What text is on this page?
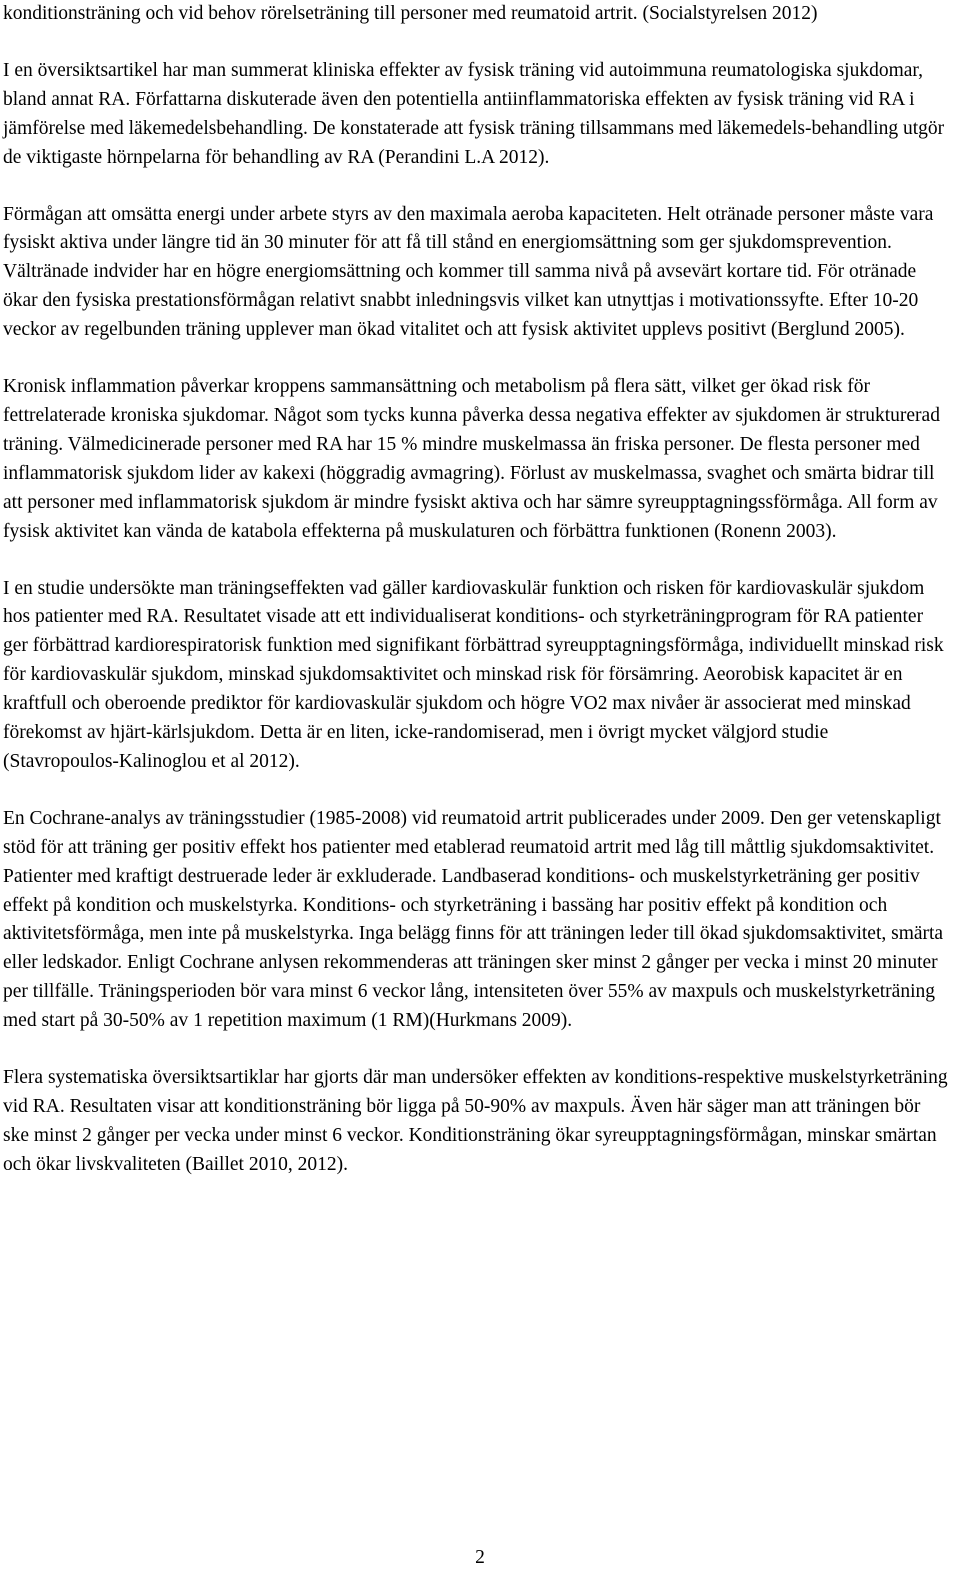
konditionsträning och vid behov rörelseträning till personer med reumatoid artrit. (Socialstyrelsen 2012)

I en översiktsartikel har man summerat kliniska effekter av fysisk träning vid autoimmuna reumatologiska sjukdomar, bland annat RA. Författarna diskuterade även den potentiella antiinflammatoriska effekten av fysisk träning vid RA i jämförelse med läkemedelsbehandling. De konstaterade att fysisk träning tillsammans med läkemedels-behandling utgör de viktigaste hörnpelarna för behandling av RA (Perandini L.A 2012).

Förmågan att omsätta energi under arbete styrs av den maximala aeroba kapaciteten. Helt otränade personer måste vara fysiskt aktiva under längre tid än 30 minuter för att få till stånd en energiomsättning som ger sjukdomsprevention. Vältränade indvider har en högre energiomsättning och kommer till samma nivå på avsevärt kortare tid. För otränade ökar den fysiska prestationsförmågan relativt snabbt inledningsvis vilket kan utnyttjas i motivationssyfte. Efter 10-20 veckor av regelbunden träning upplever man ökad vitalitet och att fysisk aktivitet upplevs positivt (Berglund 2005).

Kronisk inflammation påverkar kroppens sammansättning och metabolism på flera sätt, vilket ger ökad risk för fettrelaterade kroniska sjukdomar. Något som tycks kunna påverka dessa negativa effekter av sjukdomen är strukturerad träning. Välmedicinerade personer med RA har 15 % mindre muskelmassa än friska personer. De flesta personer med inflammatorisk sjukdom lider av kakexi (höggradig avmagring). Förlust av muskelmassa, svaghet och smärta bidrar till att personer med inflammatorisk sjukdom är mindre fysiskt aktiva och har sämre syreupptagningssförmåga. All form av fysisk aktivitet kan vända de katabola effekterna på muskulaturen och förbättra funktionen (Ronenn 2003).

I en studie undersökte man träningseffekten vad gäller kardiovaskulär funktion och risken för kardiovaskulär sjukdom hos patienter med RA. Resultatet visade att ett individualiserat konditions- och styrketräningprogram för RA patienter ger förbättrad kardiorespiratorisk funktion med signifikant förbättrad syreupptagningsförmåga, individuellt minskad risk för kardiovaskulär sjukdom, minskad sjukdomsaktivitet och minskad risk för försämring. Aeorobisk kapacitet är en kraftfull och oberoende prediktor för kardiovaskulär sjukdom och högre VO2 max nivåer är associerat med minskad förekomst av hjärt-kärlsjukdom. Detta är en liten, icke-randomiserad, men i övrigt mycket välgjord studie (Stavropoulos-Kalinoglou et al 2012).

En Cochrane-analys av träningsstudier (1985-2008) vid reumatoid artrit publicerades under 2009. Den ger vetenskapligt stöd för att träning ger positiv effekt hos patienter med etablerad reumatoid artrit med låg till måttlig sjukdomsaktivitet. Patienter med kraftigt destruerade leder är exkluderade. Landbaserad konditions- och muskelstyrketräning ger positiv effekt på kondition och muskelstyrka. Konditions- och styrketräning i bassäng har positiv effekt på kondition och aktivitetsförmåga, men inte på muskelstyrka. Inga belägg finns för att träningen leder till ökad sjukdomsaktivitet, smärta eller ledskador. Enligt Cochrane anlysen rekommenderas att träningen sker minst 2 gånger per vecka i minst 20 minuter per tillfälle. Träningsperioden bör vara minst 6 veckor lång, intensiteten över 55% av maxpuls och muskelstyrketräning med start på 30-50% av 1 repetition maximum (1 RM)(Hurkmans 2009).

Flera systematiska översiktsartiklar har gjorts där man undersöker effekten av konditions-respektive muskelstyrketräning vid RA. Resultaten visar att konditionsträning bör ligga på 50-90% av maxpuls. Även här säger man att träningen bör ske minst 2 gånger per vecka under minst 6 veckor. Konditionsträning ökar syreupptagningsförmågan, minskar smärtan och ökar livskvaliteten (Baillet 2010, 2012).

2
